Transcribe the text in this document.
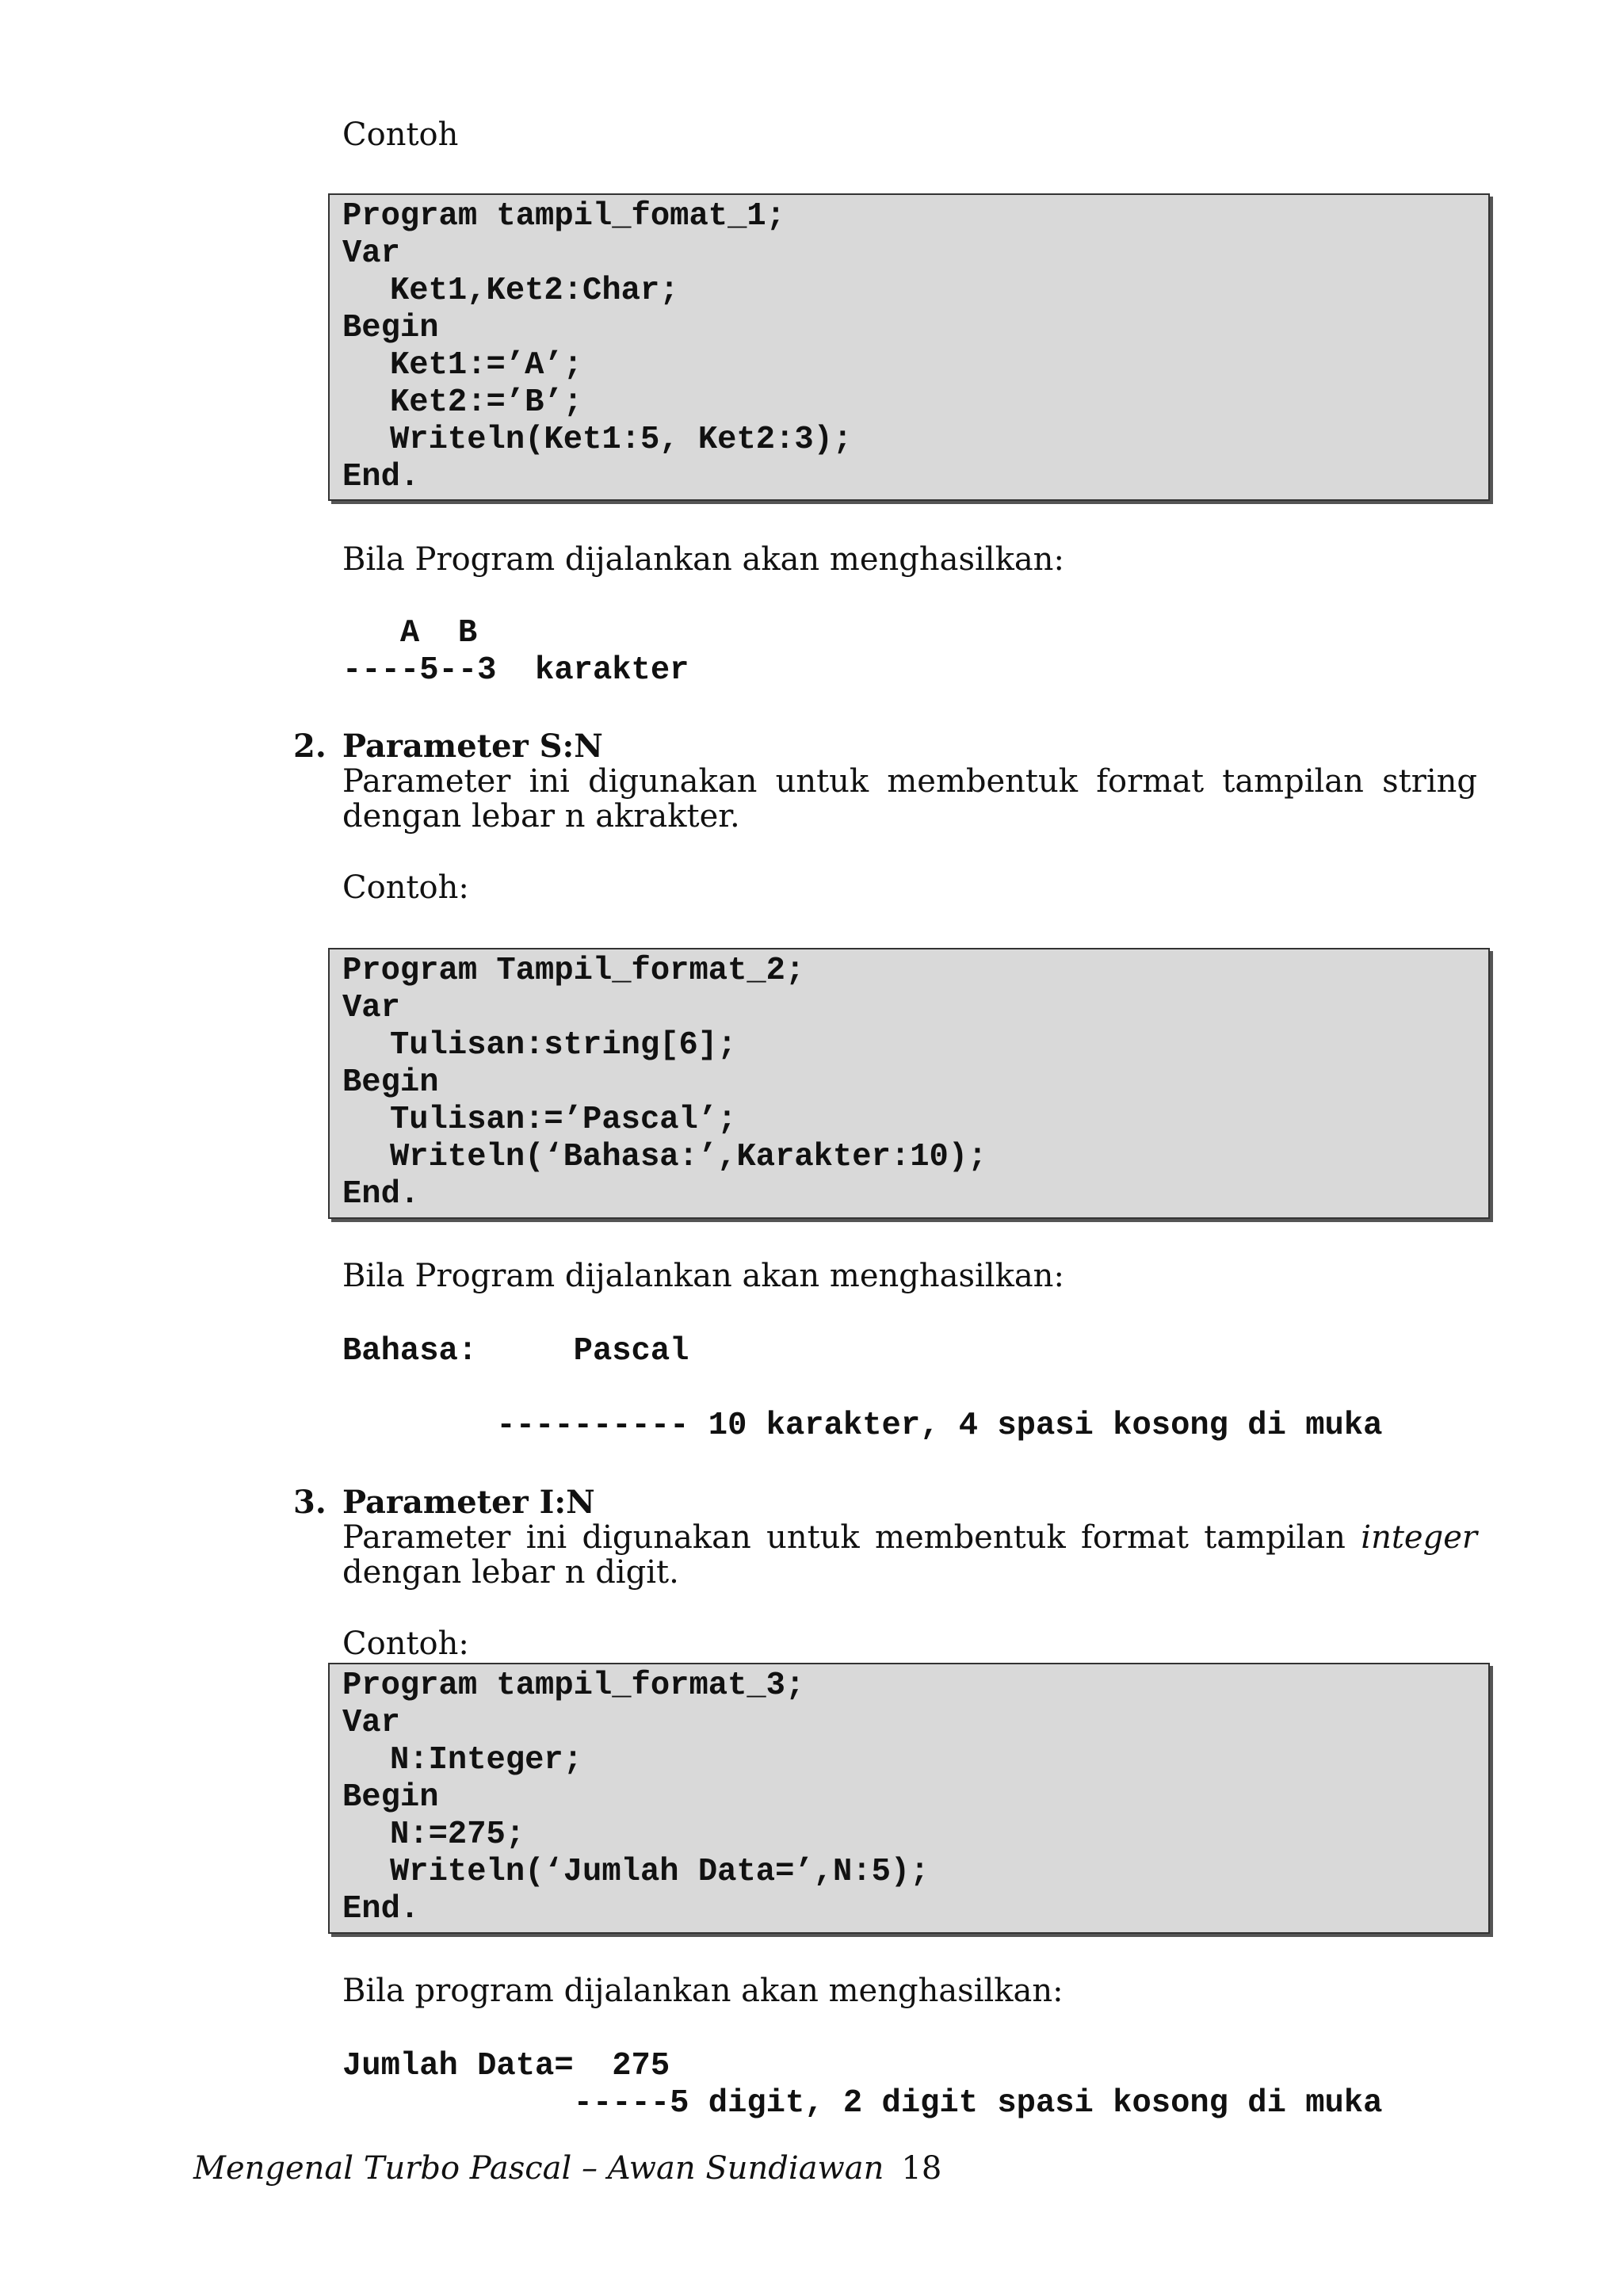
Contoh
Program tampil_fomat_1;
Var
Ket1,Ket2:Char;
Begin
Ket1:=’A’;
Ket2:=’B’;
Writeln(Ket1:5, Ket2:3);
End.
Bila Program dijalankan akan menghasilkan:
A  B
----5--3  karakter
2. Parameter S:N
Parameter ini digunakan untuk membentuk format tampilan string dengan lebar n akrakter.
Contoh:
Program Tampil_format_2;
Var
Tulisan:string[6];
Begin
Tulisan:=’Pascal’;
Writeln(‘Bahasa:’,Karakter:10);
End.
Bila Program dijalankan akan menghasilkan:
Bahasa:     Pascal
---------- 10 karakter, 4 spasi kosong di muka
3. Parameter I:N
Parameter ini digunakan untuk membentuk format tampilan integer dengan lebar n digit.
Contoh:
Program tampil_format_3;
Var
N:Integer;
Begin
N:=275;
Writeln(‘Jumlah Data=’,N:5);
End.
Bila program dijalankan akan menghasilkan:
Jumlah Data=  275
-----5 digit, 2 digit spasi kosong di muka
Mengenal Turbo Pascal – Awan Sundiawan 18
